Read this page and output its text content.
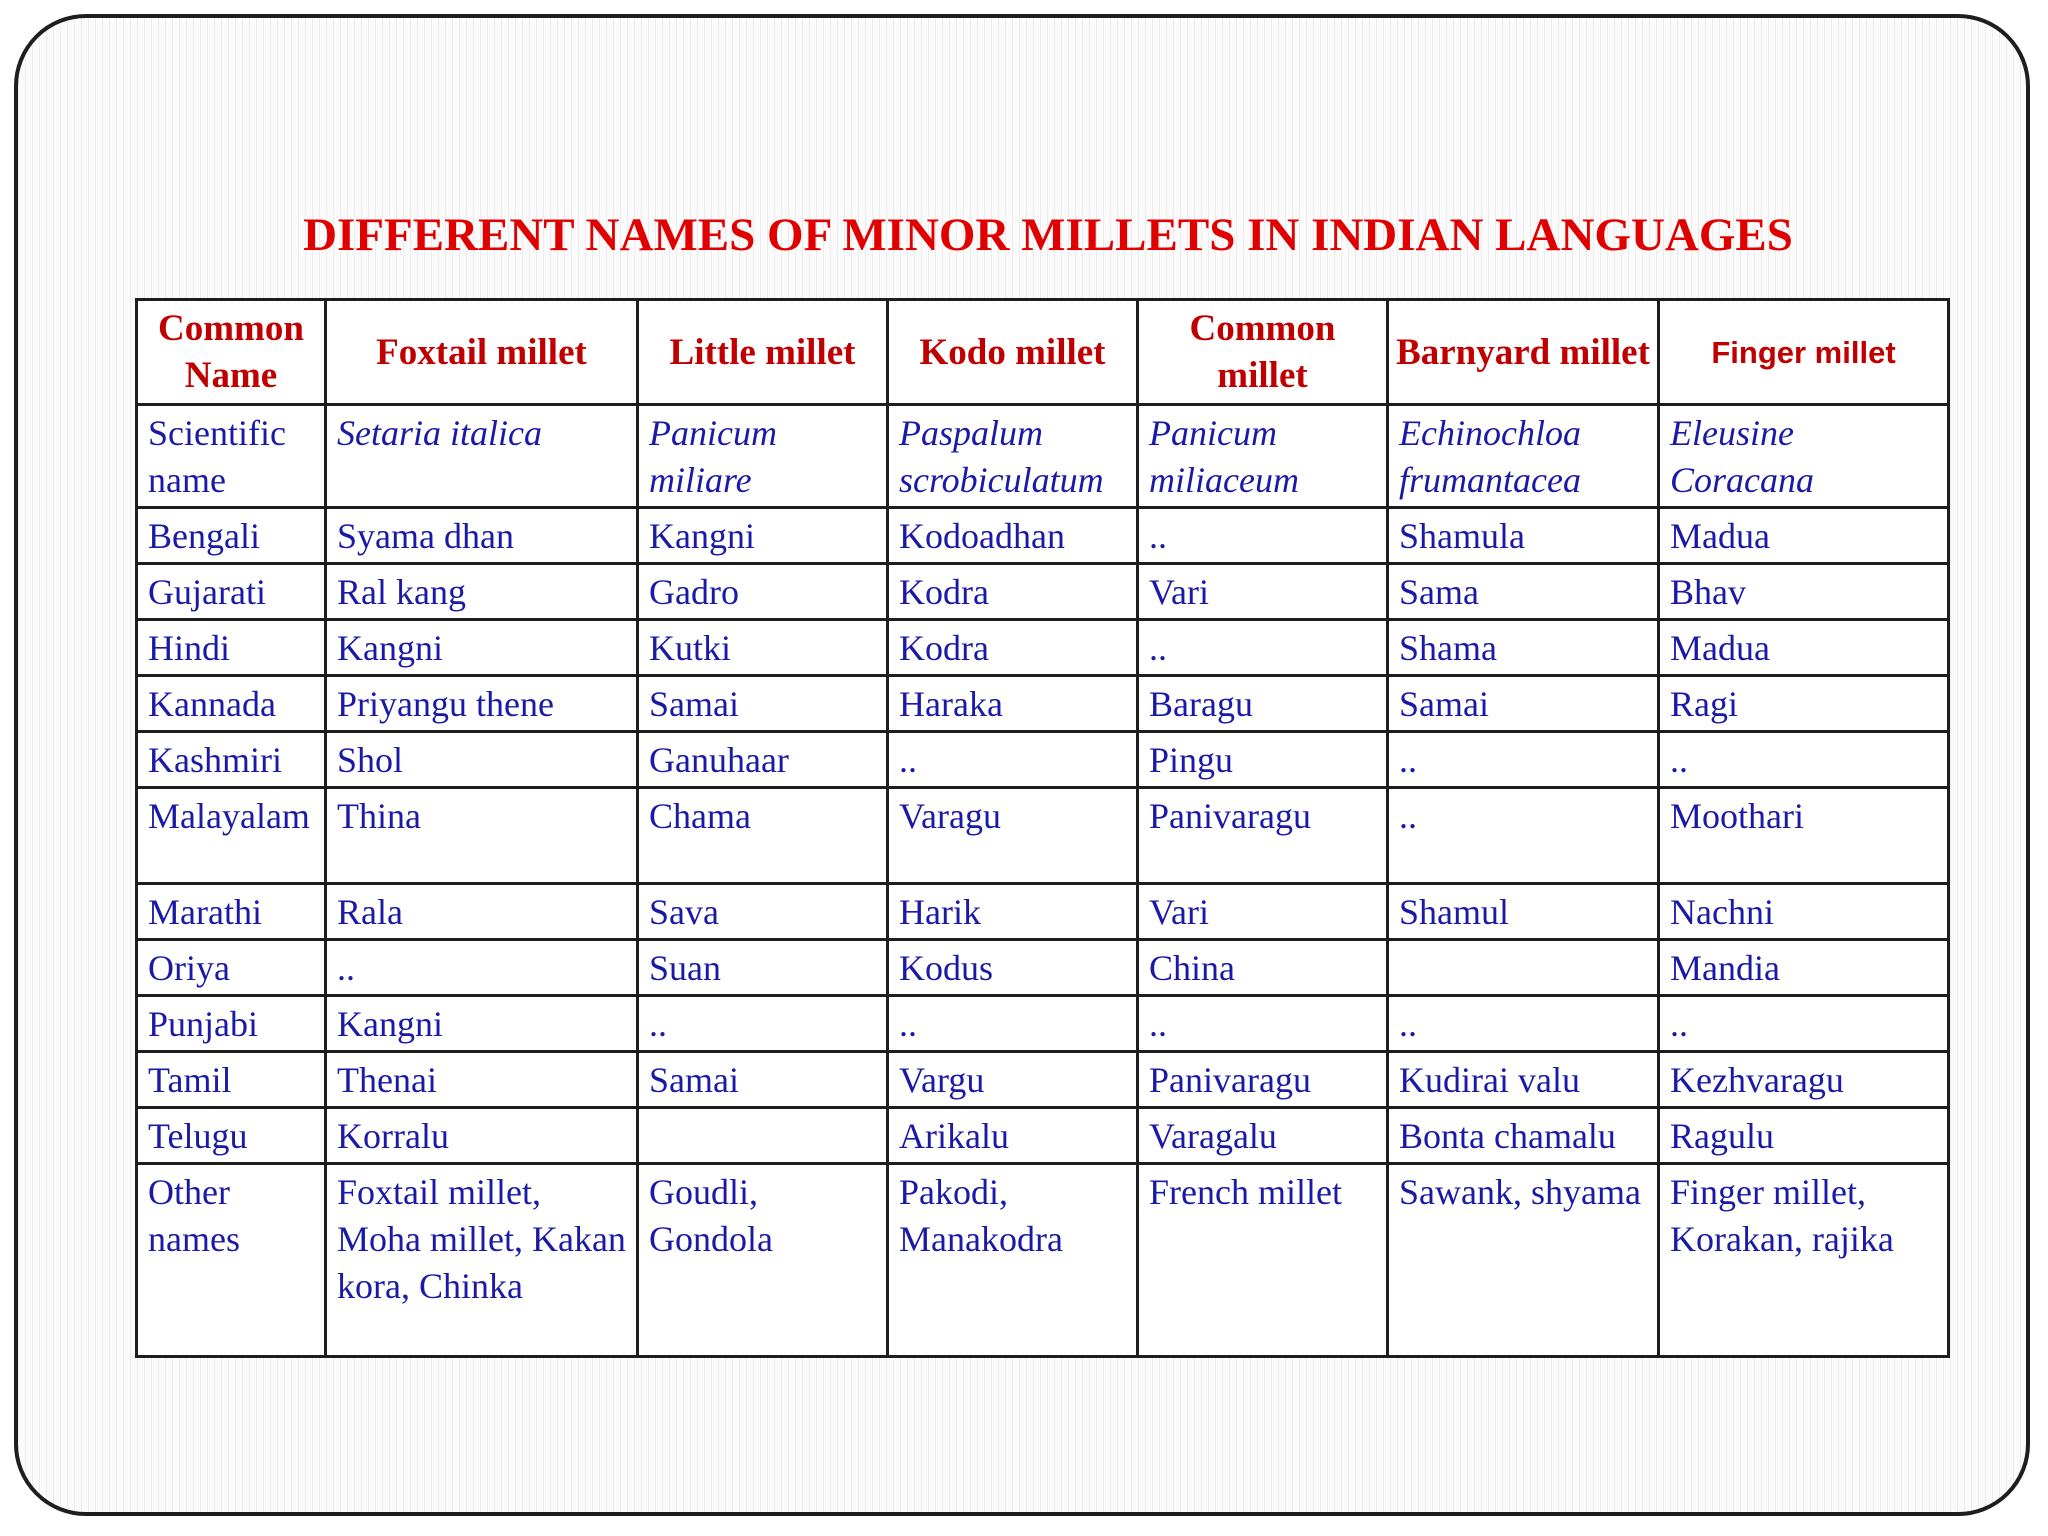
DIFFERENT NAMES OF MINOR MILLETS IN INDIAN LANGUAGES
Common Name	Foxtail millet	Little millet	Kodo millet	Common millet	Barnyard millet	Finger millet
Scientific name	Setaria italica	Panicum miliare	Paspalum scrobiculatum	Panicum miliaceum	Echinochloa frumantacea	Eleusine Coracana
Bengali	Syama dhan	Kangni	Kodoadhan	..	Shamula	Madua
Gujarati	Ral kang	Gadro	Kodra	Vari	Sama	Bhav
Hindi	Kangni	Kutki	Kodra	..	Shama	Madua
Kannada	Priyangu thene	Samai	Haraka	Baragu	Samai	Ragi
Kashmiri	Shol	Ganuhaar	..	Pingu	..	..
Malayalam	Thina	Chama	Varagu	Panivaragu	..	Moothari
Marathi	Rala	Sava	Harik	Vari	Shamul	Nachni
Oriya	..	Suan	Kodus	China		Mandia
Punjabi	Kangni	..	..	..	..	..
Tamil	Thenai	Samai	Vargu	Panivaragu	Kudirai valu	Kezhvaragu
Telugu	Korralu		Arikalu	Varagalu	Bonta chamalu	Ragulu
Other names	Foxtail millet, Moha millet, Kakan kora, Chinka	Goudli, Gondola	Pakodi, Manakodra	French millet	Sawank, shyama	Finger millet, Korakan, rajika
